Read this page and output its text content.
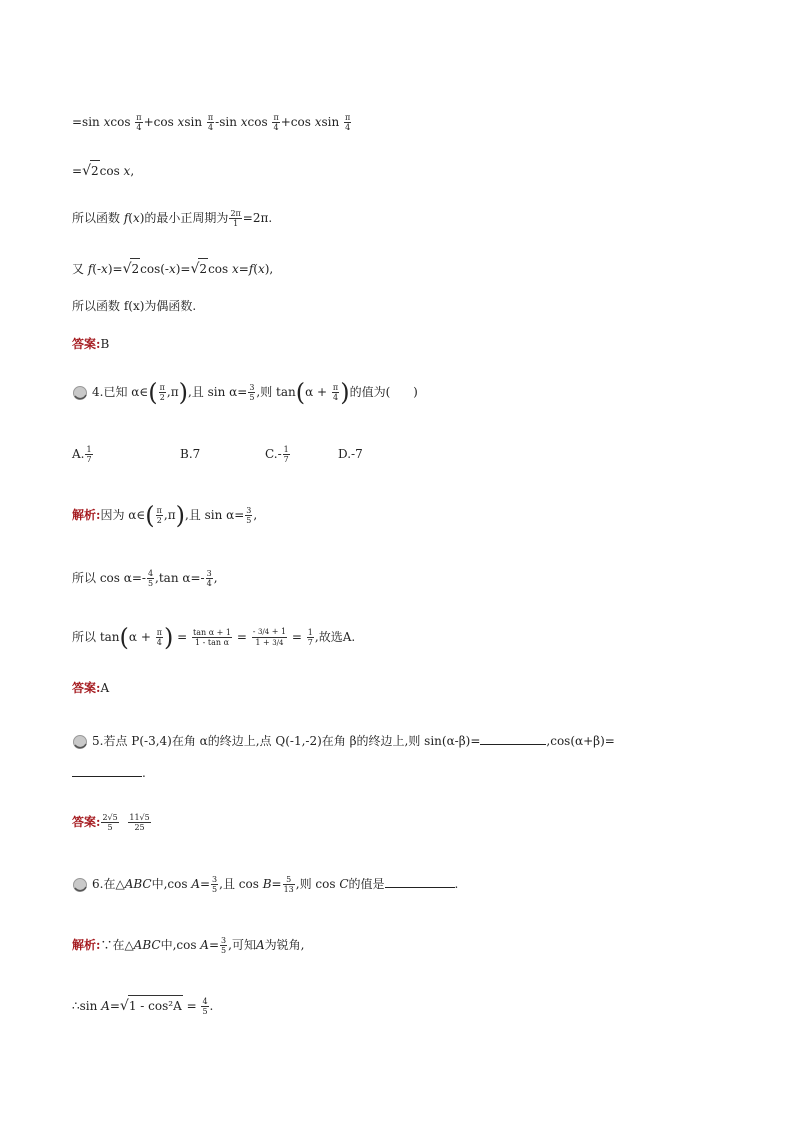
=sin xcos $\frac{\pi}{4} +\cos$ xsin $\frac{\pi}{4} -\sin$ xcos $\frac{\pi}{4} +\cos$ xsin $\frac{\pi}{4}$
=√2cos x,
所以函数 f(x)的最小正周期为 $\frac{2\pi}{1} =2\pi$.
又 f(-x)=√2cos(-x)=√2cos x=f(x),
所以函数 f(x)为偶函数.
答案:B
4.已知 α∈( $\frac{\pi}{2} ,\pi$),且 $\sin \alpha= \frac{3}{5}$ ,则 $\tan(\alpha + \frac{\pi}{4}$ )的值为(      )
A. $\frac{1}{7}$	B.7	$C.- \frac{1}{7}$	D.-7
解析:因为 α∈( $\frac{\pi}{2} ,\pi$),且 $\sin \alpha= \frac{3}{5}$ ,
所以 $\cos \alpha=- \frac{4}{5} ,\tan$ $\alpha=- \frac{3}{4}$ ,
所以 $\tan(\alpha + \frac{\pi}{4}$ ) = $\frac{\text{tan α + 1}}{\text{1 - tan α}} = \frac{- 3/4 + 1}{1 + 3/4} = \frac{1}{7}$ ,故选A.
答案:A
5.若点 P(-3,4)在角 α的终边上,点 Q(-1,-2)在角 β的终边上,则 sin(α-β)=	,cos(α+β)=
.
答案: $\frac{2√5}{5}$
$\frac{11√5}{25}$
6.在△ABC中,cos $A= \frac{3}{5}$ ,且 $\cos B= \frac{5}{13}$ ,则 cos C的值是	.
解析:∵在△ABC中,cos $A= \frac{3}{5}$ ,可知A为锐角,
∴sin $A=√1 - \cos^2A = \frac{4}{5}$ .
